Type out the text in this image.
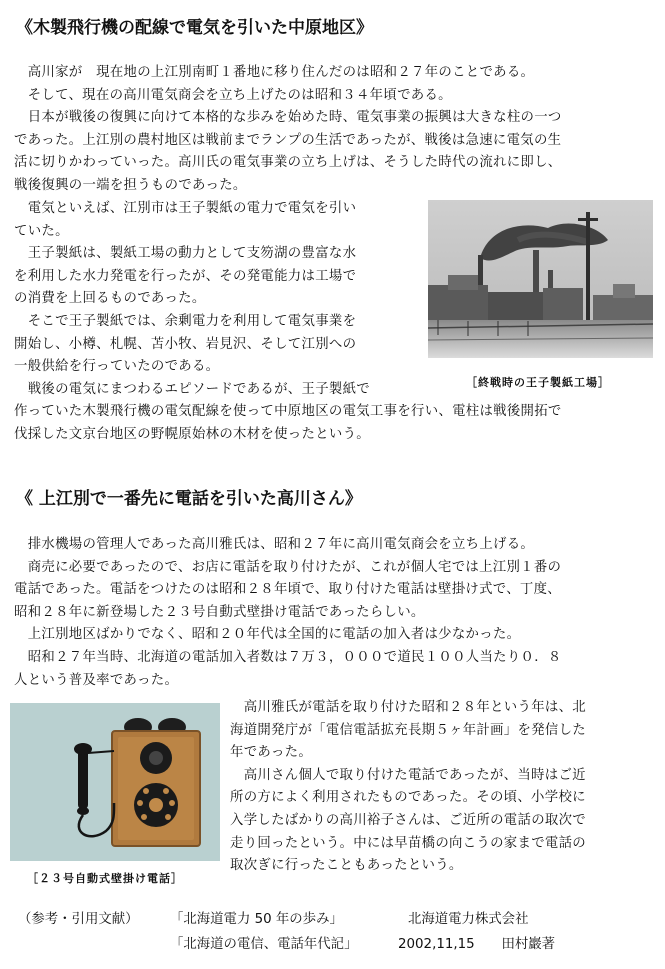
《木製飛行機の配線で電気を引いた中原地区》
　高川家が　現在地の上江別南町１番地に移り住んだのは昭和２７年のことである。
　そして、現在の高川電気商会を立ち上げたのは昭和３４年頃である。
　日本が戦後の復興に向けて本格的な歩みを始めた時、電気事業の振興は大きな柱の一つ
であった。上江別の農村地区は戦前までランプの生活であったが、戦後は急速に電気の生
活に切りかわっていった。高川氏の電気事業の立ち上げは、そうした時代の流れに即し、
戦後復興の一端を担うものであった。
　電気といえば、江別市は王子製紙の電力で電気を引い
ていた。
　王子製紙は、製紙工場の動力として支笏湖の豊富な水
を利用した水力発電を行ったが、その発電能力は工場で
の消費を上回るものであった。
　そこで王子製紙では、余剰電力を利用して電気事業を
開始し、小樽、札幌、苫小牧、岩見沢、そして江別への
一般供給を行っていたのである。
　戦後の電気にまつわるエピソードであるが、王子製紙で
作っていた木製飛行機の電気配線を使って中原地区の電気工事を行い、電柱は戦後開拓で
伐採した文京台地区の野幌原始林の木材を使ったという。
［終戦時の王子製紙工場］
《 上江別で一番先に電話を引いた高川さん》
　排水機場の管理人であった高川雅氏は、昭和２７年に高川電気商会を立ち上げる。
　商売に必要であったので、お店に電話を取り付けたが、これが個人宅では上江別１番の
電話であった。電話をつけたのは昭和２８年頃で、取り付けた電話は壁掛け式で、丁度、
昭和２８年に新登場した２３号自動式壁掛け電話であったらしい。
　上江別地区ばかりでなく、昭和２０年代は全国的に電話の加入者は少なかった。
　昭和２７年当時、北海道の電話加入者数は７万３，０００で道民１００人当たり０．８
人という普及率であった。
［２３号自動式壁掛け電話］
　高川雅氏が電話を取り付けた昭和２８年という年は、北
海道開発庁が「電信電話拡充長期５ヶ年計画」を発信した
年であった。
　高川さん個人で取り付けた電話であったが、当時はご近
所の方によく利用されたものであった。その頃、小学校に
入学したばかりの高川裕子さんは、ご近所の電話の取次で
走り回ったという。中には早苗橋の向こうの家まで電話の
取次ぎに行ったこともあったという。
（参考・引用文献） 「北海道電力 50 年の歩み」	北海道電力株式会社
「北海道の電信、電話年代記」	2002,11,15　　田村巖著
